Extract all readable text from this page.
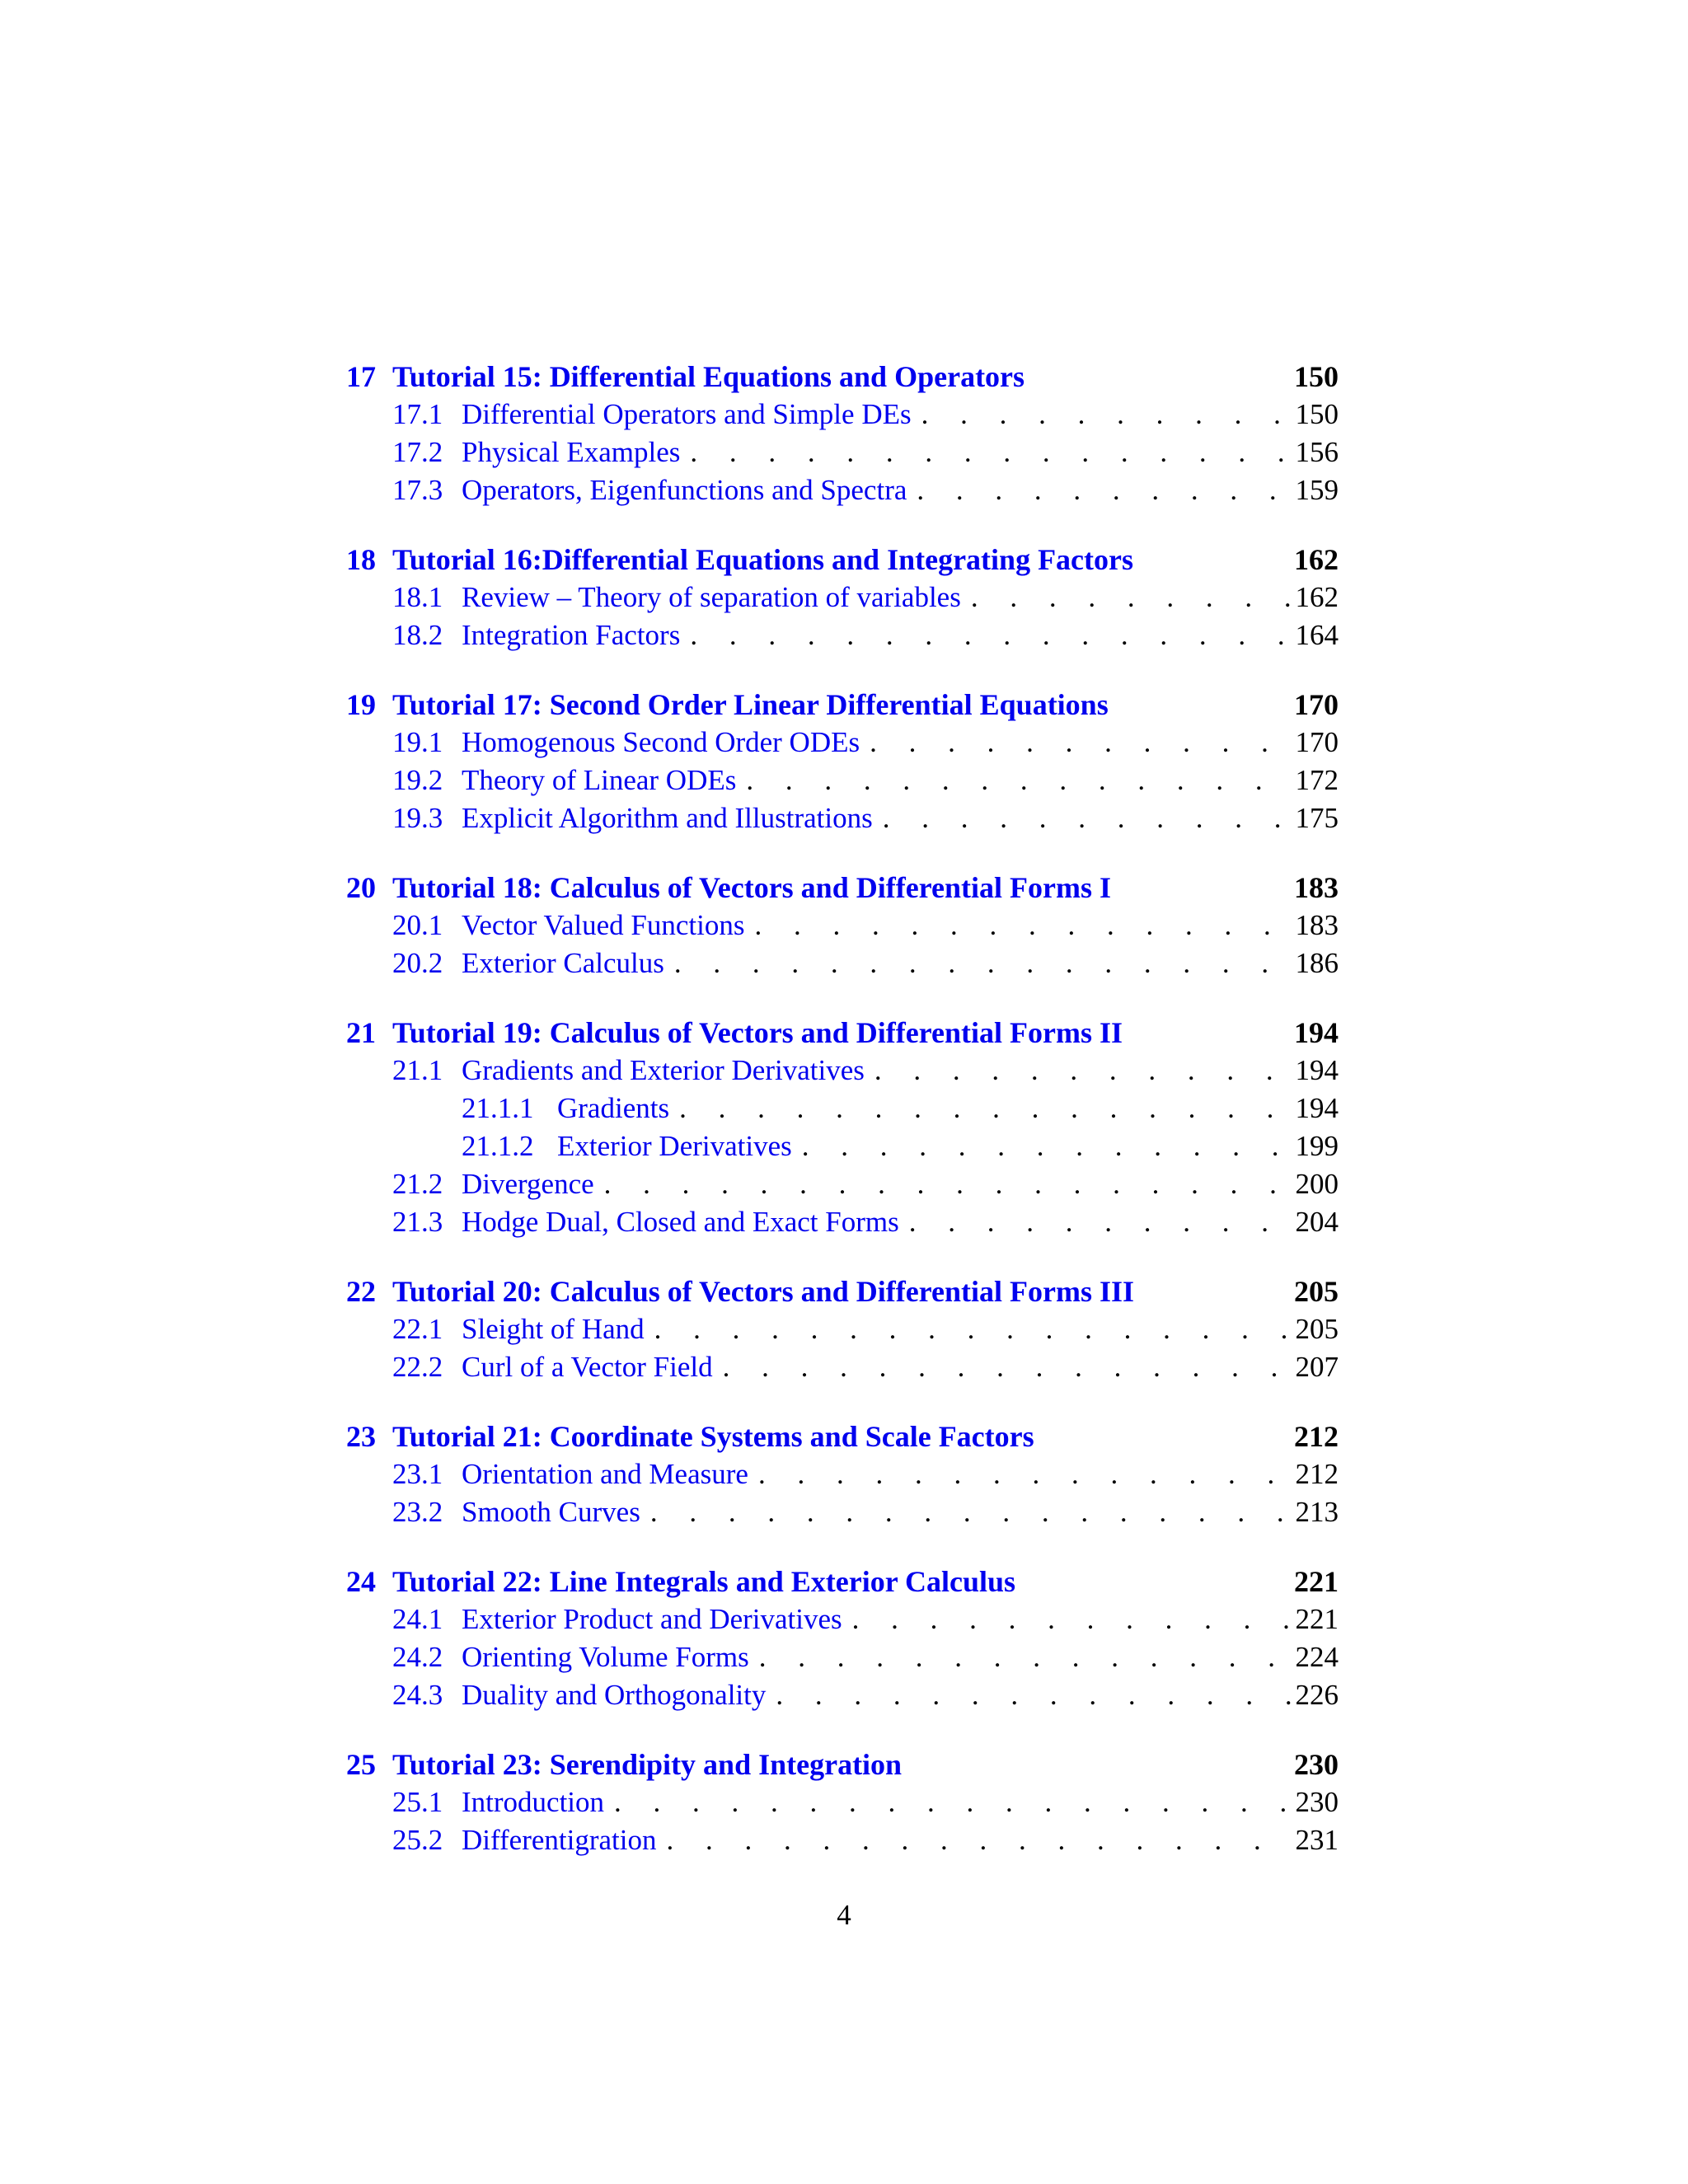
17 Tutorial 15: Differential Equations and Operators	150
17.1 Differential Operators and Simple DEs . . .	150
17.2 Physical Examples . . .	156
17.3 Operators, Eigenfunctions and Spectra . . .	159
18 Tutorial 16:Differential Equations and Integrating Factors	162
18.1 Review – Theory of separation of variables . . .	162
18.2 Integration Factors . . .	164
19 Tutorial 17: Second Order Linear Differential Equations	170
19.1 Homogenous Second Order ODEs . . .	170
19.2 Theory of Linear ODEs . . .	172
19.3 Explicit Algorithm and Illustrations . . .	175
20 Tutorial 18: Calculus of Vectors and Differential Forms I	183
20.1 Vector Valued Functions . . .	183
20.2 Exterior Calculus . . .	186
21 Tutorial 19: Calculus of Vectors and Differential Forms II	194
21.1 Gradients and Exterior Derivatives . . .	194
21.1.1 Gradients . . .	194
21.1.2 Exterior Derivatives . . .	199
21.2 Divergence . . .	200
21.3 Hodge Dual, Closed and Exact Forms . . .	204
22 Tutorial 20: Calculus of Vectors and Differential Forms III	205
22.1 Sleight of Hand . . .	205
22.2 Curl of a Vector Field . . .	207
23 Tutorial 21: Coordinate Systems and Scale Factors	212
23.1 Orientation and Measure . . .	212
23.2 Smooth Curves . . .	213
24 Tutorial 22: Line Integrals and Exterior Calculus	221
24.1 Exterior Product and Derivatives . . .	221
24.2 Orienting Volume Forms . . .	224
24.3 Duality and Orthogonality . . .	226
25 Tutorial 23: Serendipity and Integration	230
25.1 Introduction . . .	230
25.2 Differentigration . . .	231
4
